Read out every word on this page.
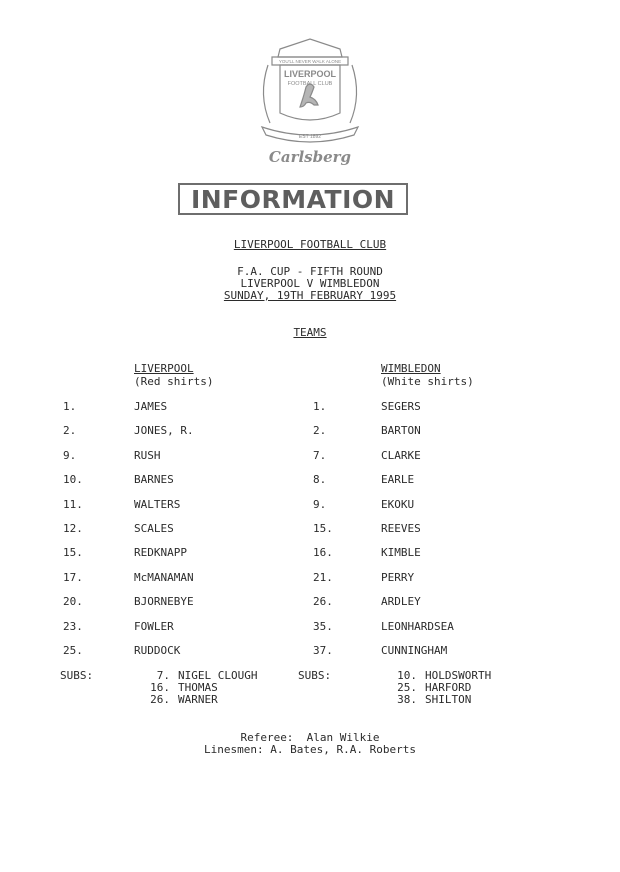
YOU'LL NEVER WALK ALONE
LIVERPOOL
FOOTBALL CLUB
EST 1892
Carlsberg
INFORMATION
LIVERPOOL FOOTBALL CLUB
F.A. CUP - FIFTH ROUND
LIVERPOOL V WIMBLEDON
SUNDAY, 19TH FEBRUARY 1995
TEAMS
LIVERPOOL
(Red shirts)
WIMBLEDON
(White shirts)
1.	JAMES	1.	SEGERS
2.	JONES, R.	2.	BARTON
9.	RUSH	7.	CLARKE
10.	BARNES	8.	EARLE
11.	WALTERS	9.	EKOKU
12.	SCALES	15.	REEVES
15.	REDKNAPP	16.	KIMBLE
17.	McMANAMAN	21.	PERRY
20.	BJORNEBYE	26.	ARDLEY
23.	FOWLER	35.	LEONHARDSEA
25.	RUDDOCK	37.	CUNNINGHAM
SUBS:	SUBS:
7. NIGEL CLOUGH	10. HOLDSWORTH
16. THOMAS	25. HARFORD
26. WARNER	38. SHILTON
Referee:  Alan Wilkie
Linesmen: A. Bates, R.A. Roberts
